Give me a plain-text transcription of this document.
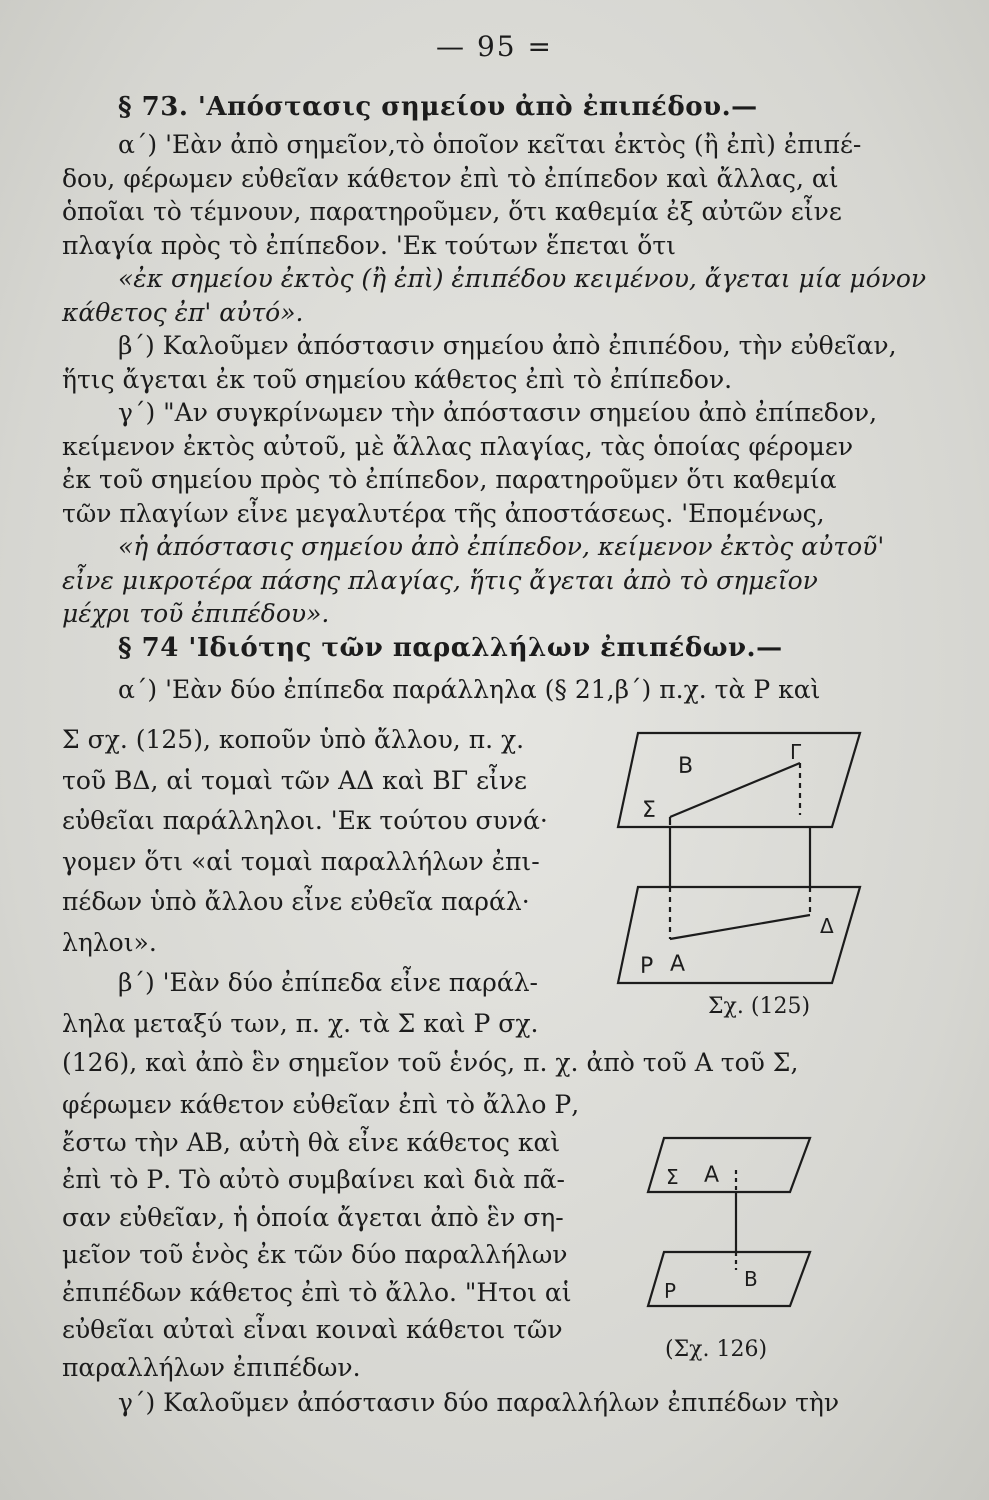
— 95 =
§ 73. 'Απόστασις σημείου ἀπὸ ἐπιπέδου.—
α΄) 'Εὰν ἀπὸ σημεῖον,τὸ ὁποῖον κεῖται ἐκτὸς (ἢ ἐπὶ) ἐπιπέ-
δου, φέρωμεν εὐθεῖαν κάθετον ἐπὶ τὸ ἐπίπεδον καὶ ἄλλας, αἱ
ὁποῖαι τὸ τέμνουν, παρατηροῦμεν, ὅτι καθεμία ἐξ αὐτῶν εἶνε
πλαγία πρὸς τὸ ἐπίπεδον. 'Εκ τούτων ἕπεται ὅτι
«ἐκ σημείου ἐκτὸς (ἢ ἐπὶ) ἐπιπέδου κειμένου, ἄγεται μία μόνον
κάθετος ἐπ' αὐτό».
β΄) Καλοῦμεν ἀπόστασιν σημείου ἀπὸ ἐπιπέδου, τὴν εὐθεῖαν,
ἥτις ἄγεται ἐκ τοῦ σημείου κάθετος ἐπὶ τὸ ἐπίπεδον.
γ΄) "Αν συγκρίνωμεν τὴν ἀπόστασιν σημείου ἀπὸ ἐπίπεδον,
κείμενον ἐκτὸς αὐτοῦ, μὲ ἄλλας πλαγίας, τὰς ὁποίας φέρομεν
ἐκ τοῦ σημείου πρὸς τὸ ἐπίπεδον, παρατηροῦμεν ὅτι καθεμία
τῶν πλαγίων εἶνε μεγαλυτέρα τῆς ἀποστάσεως. 'Επομένως,
«ἡ ἀπόστασις σημείου ἀπὸ ἐπίπεδον, κείμενον ἐκτὸς αὐτοῦ'
εἶνε μικροτέρα πάσης πλαγίας, ἥτις ἄγεται ἀπὸ τὸ σημεῖον
μέχρι τοῦ ἐπιπέδου».
§ 74 'Ιδιότης τῶν παραλλήλων ἐπιπέδων.—
α΄) 'Εὰν δύο ἐπίπεδα παράλληλα (§ 21,β΄) π.χ. τὰ Ρ καὶ
Σ σχ. (125), κοποῦν ὑπὸ ἄλλου, π. χ.
τοῦ ΒΔ, αἱ τομαὶ τῶν ΑΔ καὶ ΒΓ εἶνε
εὐθεῖαι παράλληλοι. 'Εκ τούτου συνά·
γομεν ὅτι «αἱ τομαὶ παραλλήλων ἐπι-
πέδων ὑπὸ ἄλλου εἶνε εὐθεῖα παράλ·
ληλοι».
β΄) 'Εὰν δύο ἐπίπεδα εἶνε παράλ-
ληλα μεταξύ των, π. χ. τὰ Σ καὶ Ρ σχ.
(126), καὶ ἀπὸ ἓν σημεῖον τοῦ ἑνός, π. χ. ἀπὸ τοῦ Α τοῦ Σ,
φέρωμεν κάθετον εὐθεῖαν ἐπὶ τὸ ἄλλο Ρ,
ἔστω τὴν ΑΒ, αὐτὴ θὰ εἶνε κάθετος καὶ
ἐπὶ τὸ Ρ. Τὸ αὐτὸ συμβαίνει καὶ διὰ πᾶ-
σαν εὐθεῖαν, ἡ ὁποία ἄγεται ἀπὸ ἓν ση-
μεῖον τοῦ ἑνὸς ἐκ τῶν δύο παραλλήλων
ἐπιπέδων κάθετος ἐπὶ τὸ ἄλλο. "Ητοι αἱ
εὐθεῖαι αὐταὶ εἶναι κοιναὶ κάθετοι τῶν
παραλλήλων ἐπιπέδων.
γ΄) Καλοῦμεν ἀπόστασιν δύο παραλλήλων ἐπιπέδων τὴν
Β
Γ
Σ
Ρ Α
Δ
Σχ. (125)
Σ Α
Ρ	Β
(Σχ. 126)
